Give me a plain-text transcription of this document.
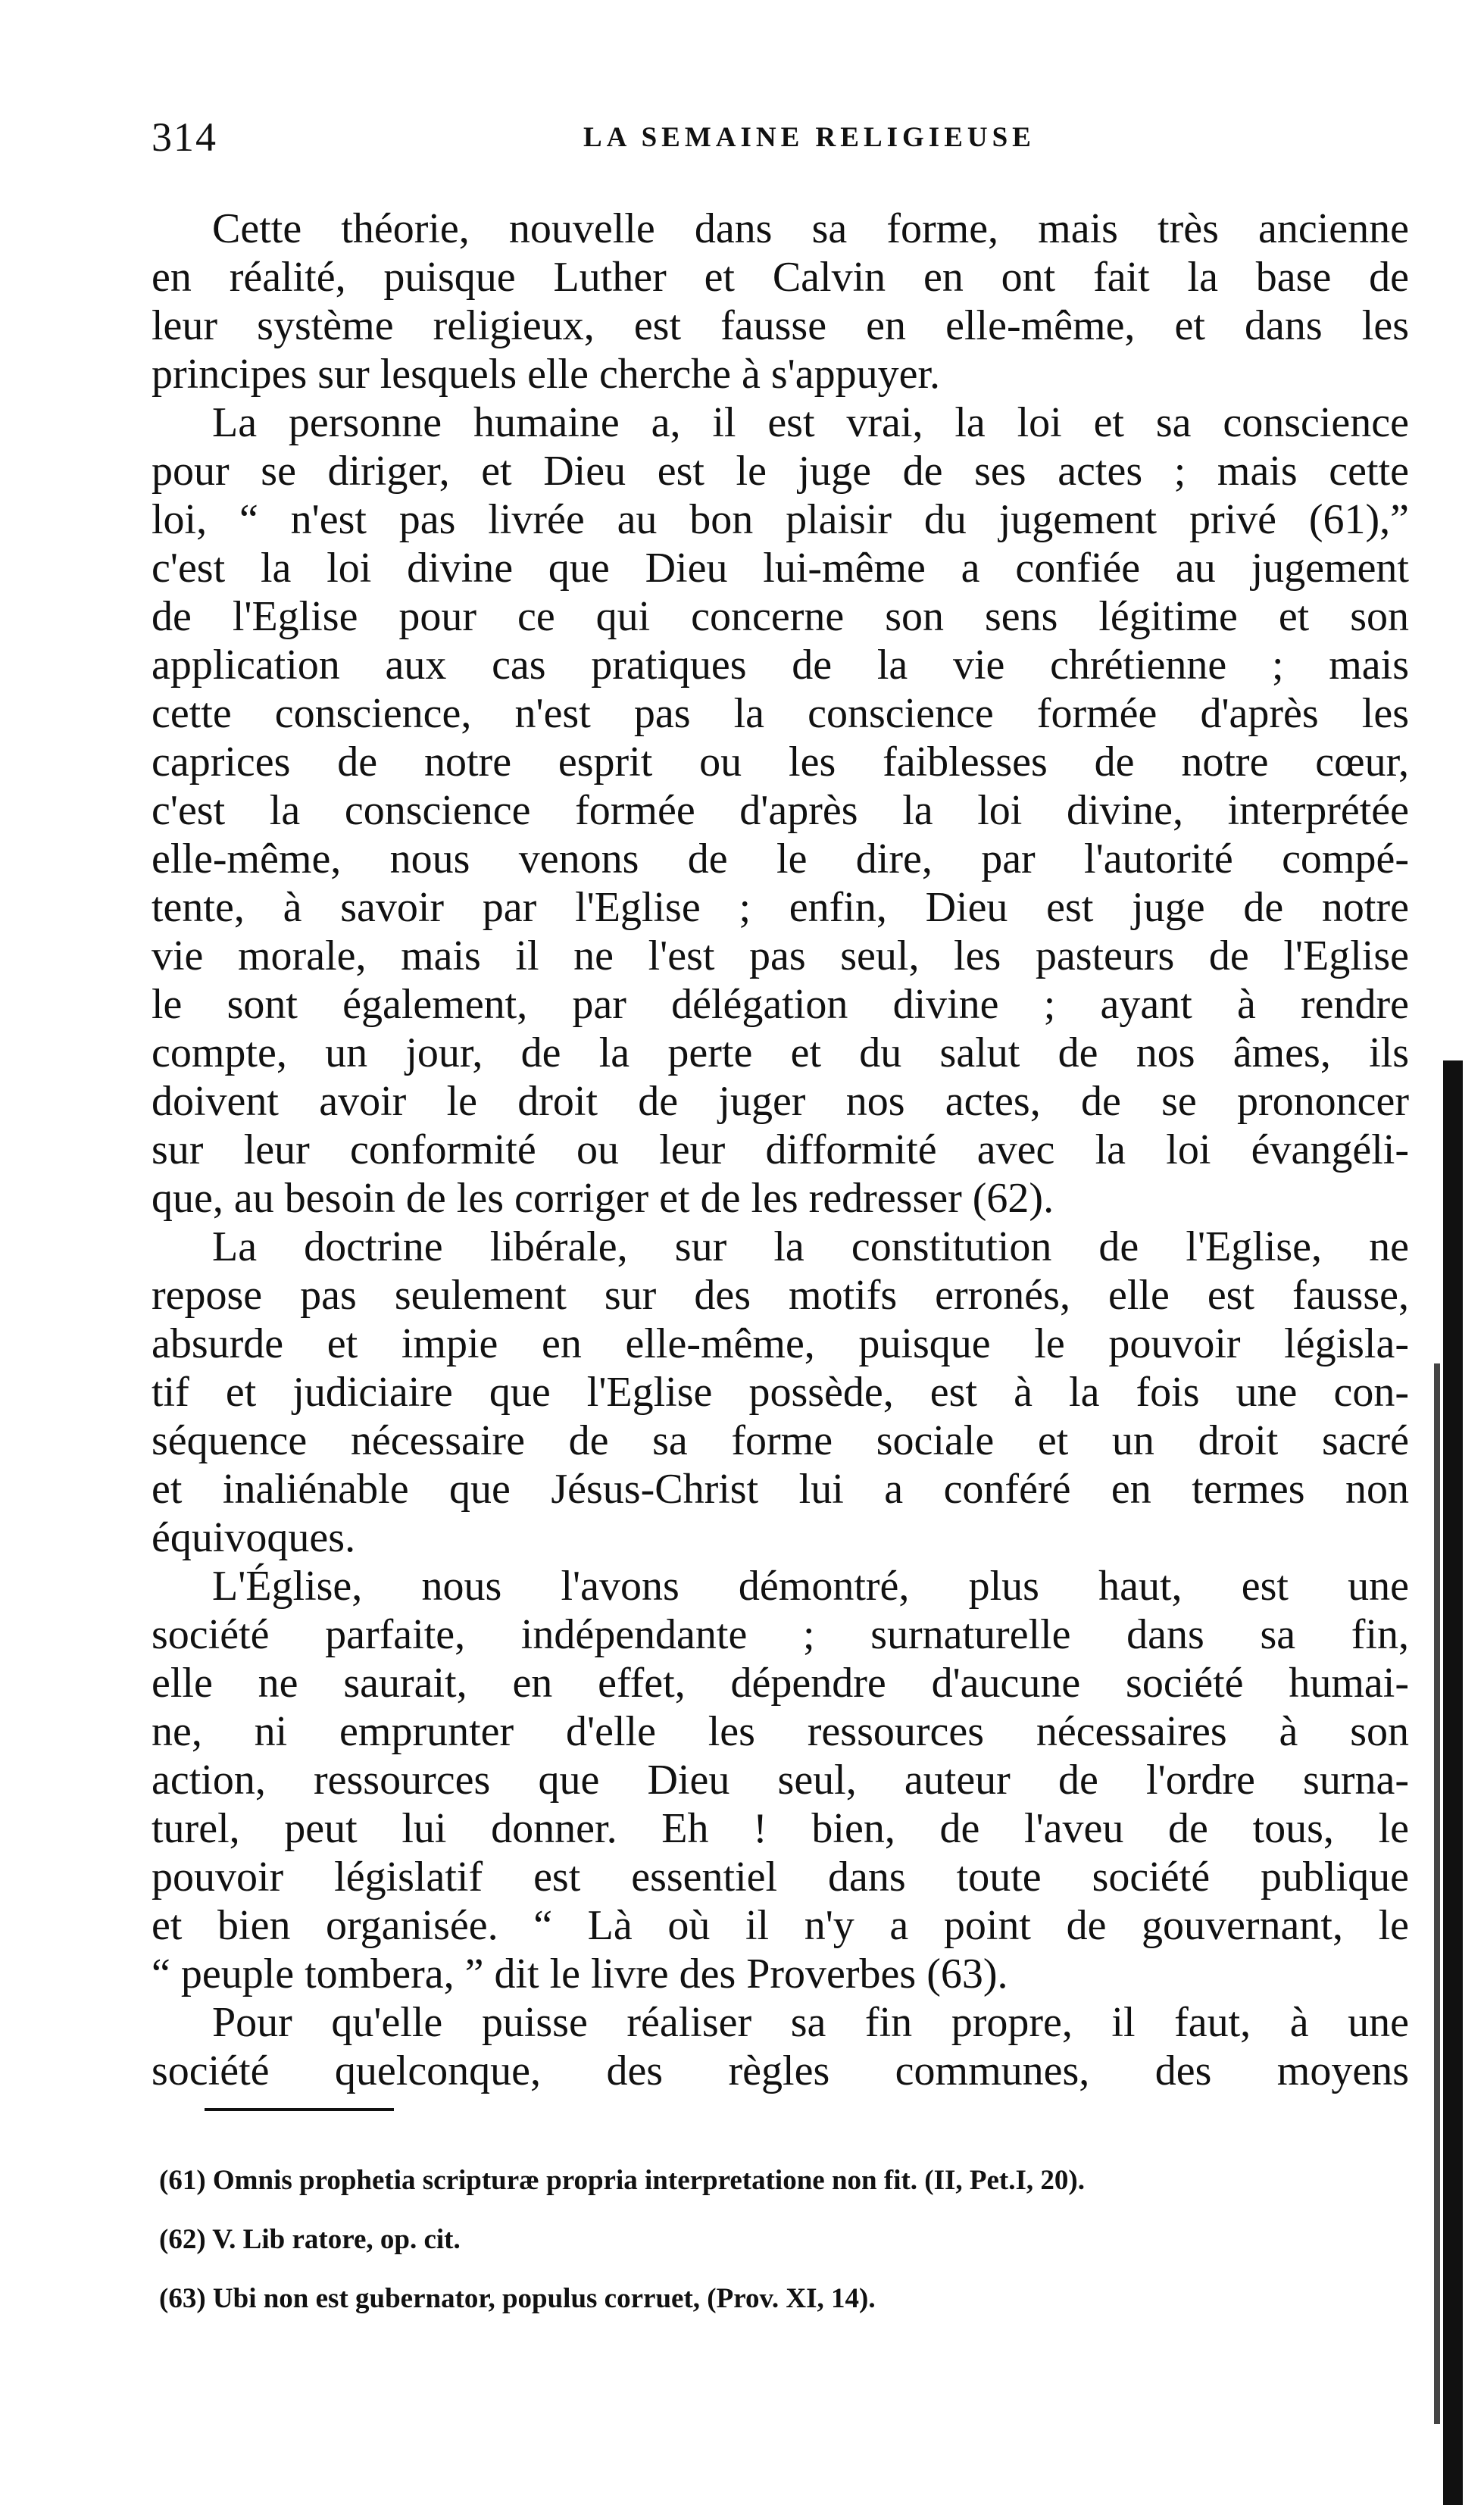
314	LA SEMAINE RELIGIEUSE
Cette théorie, nouvelle dans sa forme, mais très ancienne
en réalité, puisque Luther et Calvin en ont fait la base de
leur système religieux, est fausse en elle-même, et dans les
principes sur lesquels elle cherche à s'appuyer.
La personne humaine a, il est vrai, la loi et sa conscience
pour se diriger, et Dieu est le juge de ses actes ; mais cette
loi, “ n'est pas livrée au bon plaisir du jugement privé (61),”
c'est la loi divine que Dieu lui-même a confiée au jugement
de l'Eglise pour ce qui concerne son sens légitime et son
application aux cas pratiques de la vie chrétienne ; mais
cette conscience, n'est pas la conscience formée d'après les
caprices de notre esprit ou les faiblesses de notre cœur,
c'est la conscience formée d'après la loi divine, interprétée
elle-même, nous venons de le dire, par l'autorité compé-
tente, à savoir par l'Eglise ; enfin, Dieu est juge de notre
vie morale, mais il ne l'est pas seul, les pasteurs de l'Eglise
le sont également, par délégation divine ; ayant à rendre
compte, un jour, de la perte et du salut de nos âmes, ils
doivent avoir le droit de juger nos actes, de se prononcer
sur leur conformité ou leur difformité avec la loi évangéli-
que, au besoin de les corriger et de les redresser (62).
La doctrine libérale, sur la constitution de l'Eglise, ne
repose pas seulement sur des motifs erronés, elle est fausse,
absurde et impie en elle-même, puisque le pouvoir législa-
tif et judiciaire que l'Eglise possède, est à la fois une con-
séquence nécessaire de sa forme sociale et un droit sacré
et inaliénable que Jésus-Christ lui a conféré en termes non
équivoques.
L'Église, nous l'avons démontré, plus haut, est une
société parfaite, indépendante ; surnaturelle dans sa fin,
elle ne saurait, en effet, dépendre d'aucune société humai-
ne, ni emprunter d'elle les ressources nécessaires à son
action, ressources que Dieu seul, auteur de l'ordre surna-
turel, peut lui donner. Eh ! bien, de l'aveu de tous, le
pouvoir législatif est essentiel dans toute société publique
et bien organisée. “ Là où il n'y a point de gouvernant, le
“ peuple tombera, ” dit le livre des Proverbes (63).
Pour qu'elle puisse réaliser sa fin propre, il faut, à une
société quelconque, des règles communes, des moyens
(61) Omnis prophetia scripturæ propria interpretatione non fit. (II, Pet.I, 20).
(62) V. Lib ratore, op. cit.
(63) Ubi non est gubernator, populus corruet, (Prov. XI, 14).
